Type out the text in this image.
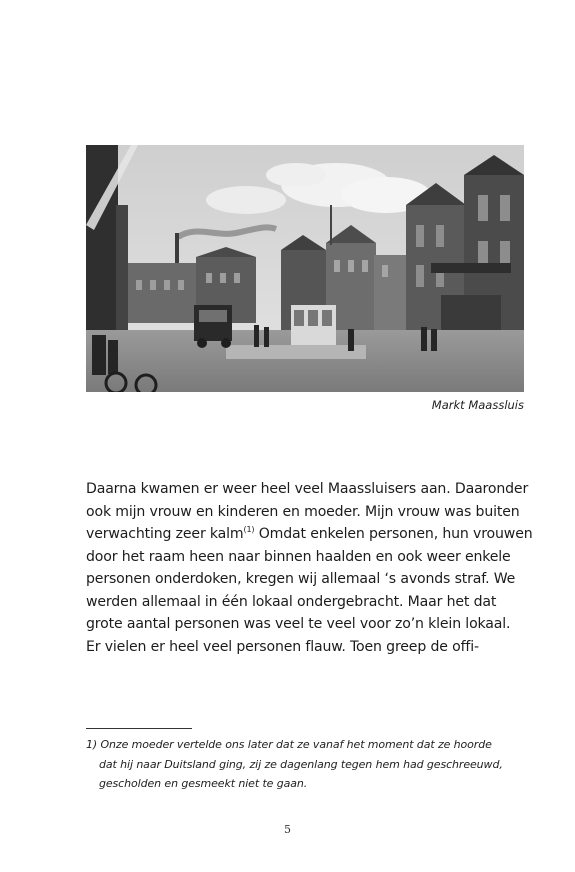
Markt Maassluis
Daarna kwamen er weer heel veel Maassluisers aan. Daaronder
ook mijn vrouw en kinderen en moeder. Mijn vrouw was buiten
verwachting zeer kalm$^{(1)}$ Omdat enkelen personen, hun vrouwen
door het raam heen naar binnen haalden en ook weer enkele
personen onderdoken, kregen wij allemaal ‘s avonds straf. We
werden allemaal in één lokaal ondergebracht. Maar het dat
grote aantal personen was veel te veel voor zo’n klein lokaal.
Er vielen er heel veel personen flauw. Toen greep de offi-
1) Onze moeder vertelde ons later dat ze vanaf het moment dat ze hoorde
dat hij naar Duitsland ging, zij ze dagenlang tegen hem had geschreeuwd,
gescholden en gesmeekt niet te gaan.
5
